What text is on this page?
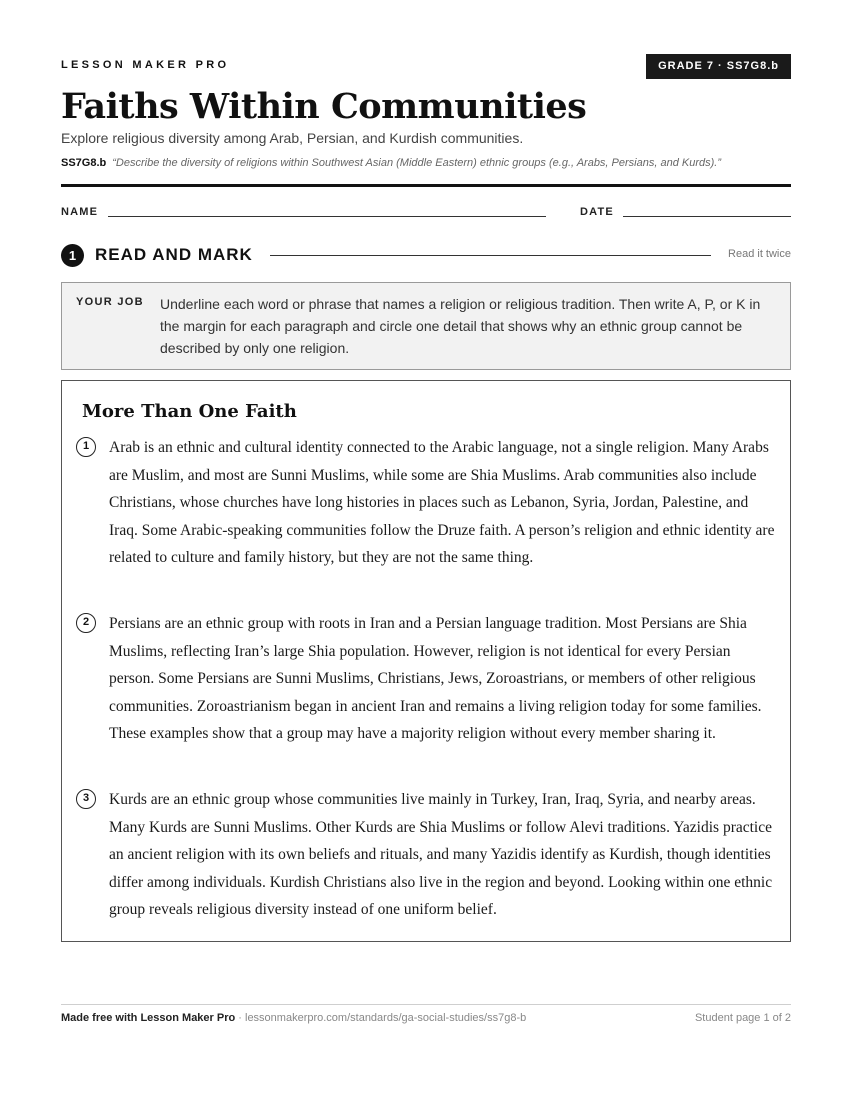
LESSON MAKER PRO	GRADE 7 · SS7G8.b
Faiths Within Communities
Explore religious diversity among Arab, Persian, and Kurdish communities.
SS7G8.b “Describe the diversity of religions within Southwest Asian (Middle Eastern) ethnic groups (e.g., Arabs, Persians, and Kurds).”
NAME	DATE
1	READ AND MARK	Read it twice
YOUR JOB Underline each word or phrase that names a religion or religious tradition. Then write A, P, or K in the margin for each paragraph and circle one detail that shows why an ethnic group cannot be described by only one religion.
More Than One Faith
1	Arab is an ethnic and cultural identity connected to the Arabic language, not a single religion. Many Arabs are Muslim, and most are Sunni Muslims, while some are Shia Muslims. Arab communities also include Christians, whose churches have long histories in places such as Lebanon, Syria, Jordan, Palestine, and Iraq. Some Arabic-speaking communities follow the Druze faith. A person’s religion and ethnic identity are related to culture and family history, but they are not the same thing.
2	Persians are an ethnic group with roots in Iran and a Persian language tradition. Most Persians are Shia Muslims, reflecting Iran’s large Shia population. However, religion is not identical for every Persian person. Some Persians are Sunni Muslims, Christians, Jews, Zoroastrians, or members of other religious communities. Zoroastrianism began in ancient Iran and remains a living religion today for some families. These examples show that a group may have a majority religion without every member sharing it.
3	Kurds are an ethnic group whose communities live mainly in Turkey, Iran, Iraq, Syria, and nearby areas. Many Kurds are Sunni Muslims. Other Kurds are Shia Muslims or follow Alevi traditions. Yazidis practice an ancient religion with its own beliefs and rituals, and many Yazidis identify as Kurdish, though identities differ among individuals. Kurdish Christians also live in the region and beyond. Looking within one ethnic group reveals religious diversity instead of one uniform belief.
Made free with Lesson Maker Pro · lessonmakerpro.com/standards/ga-social-studies/ss7g8-b	Student page 1 of 2
